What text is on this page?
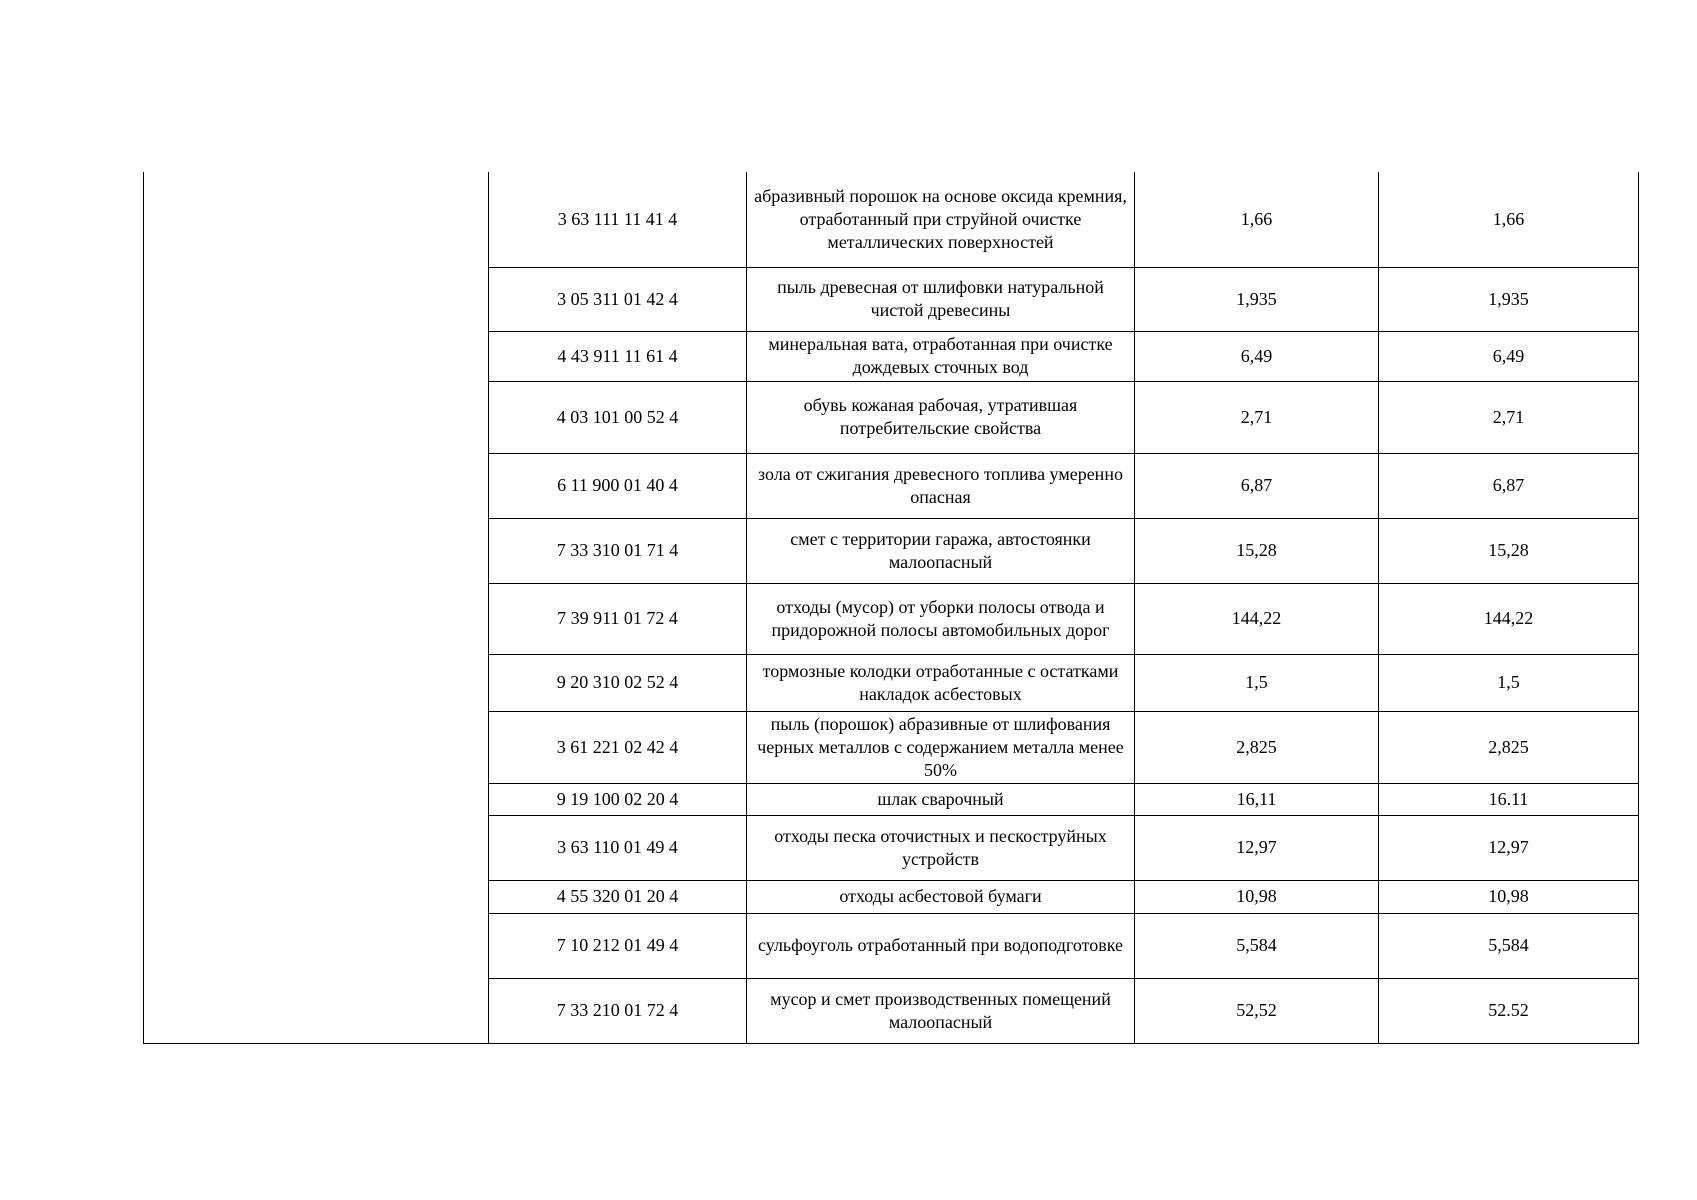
	3 63 111 11 41 4	абразивный порошок на основе оксида кремния, отработанный при струйной очистке металлических поверхностей	1,66	1,66
	3 05 311 01 42 4	пыль древесная от шлифовки натуральной чистой древесины	1,935	1,935
	4 43 911 11 61 4	минеральная вата, отработанная при очистке дождевых сточных вод	6,49	6,49
	4 03 101 00 52 4	обувь кожаная рабочая, утратившая потребительские свойства	2,71	2,71
	6 11 900 01 40 4	зола от сжигания древесного топлива умеренно опасная	6,87	6,87
	7 33 310 01 71 4	смет с территории гаража, автостоянки малоопасный	15,28	15,28
	7 39 911 01 72 4	отходы (мусор) от уборки полосы отвода и придорожной полосы автомобильных дорог	144,22	144,22
	9 20 310 02 52 4	тормозные колодки отработанные с остатками накладок асбестовых	1,5	1,5
	3 61 221 02 42 4	пыль (порошок) абразивные от шлифования черных металлов с содержанием металла менее 50%	2,825	2,825
	9 19 100 02 20 4	шлак сварочный	16,11	16.11
	3 63 110 01 49 4	отходы песка оточистных и пескоструйных устройств	12,97	12,97
	4 55 320 01 20 4	отходы асбестовой бумаги	10,98	10,98
	7 10 212 01 49 4	сульфоуголь отработанный при водоподготовке	5,584	5,584
	7 33 210 01 72 4	мусор и смет производственных помещений малоопасный	52,52	52.52
